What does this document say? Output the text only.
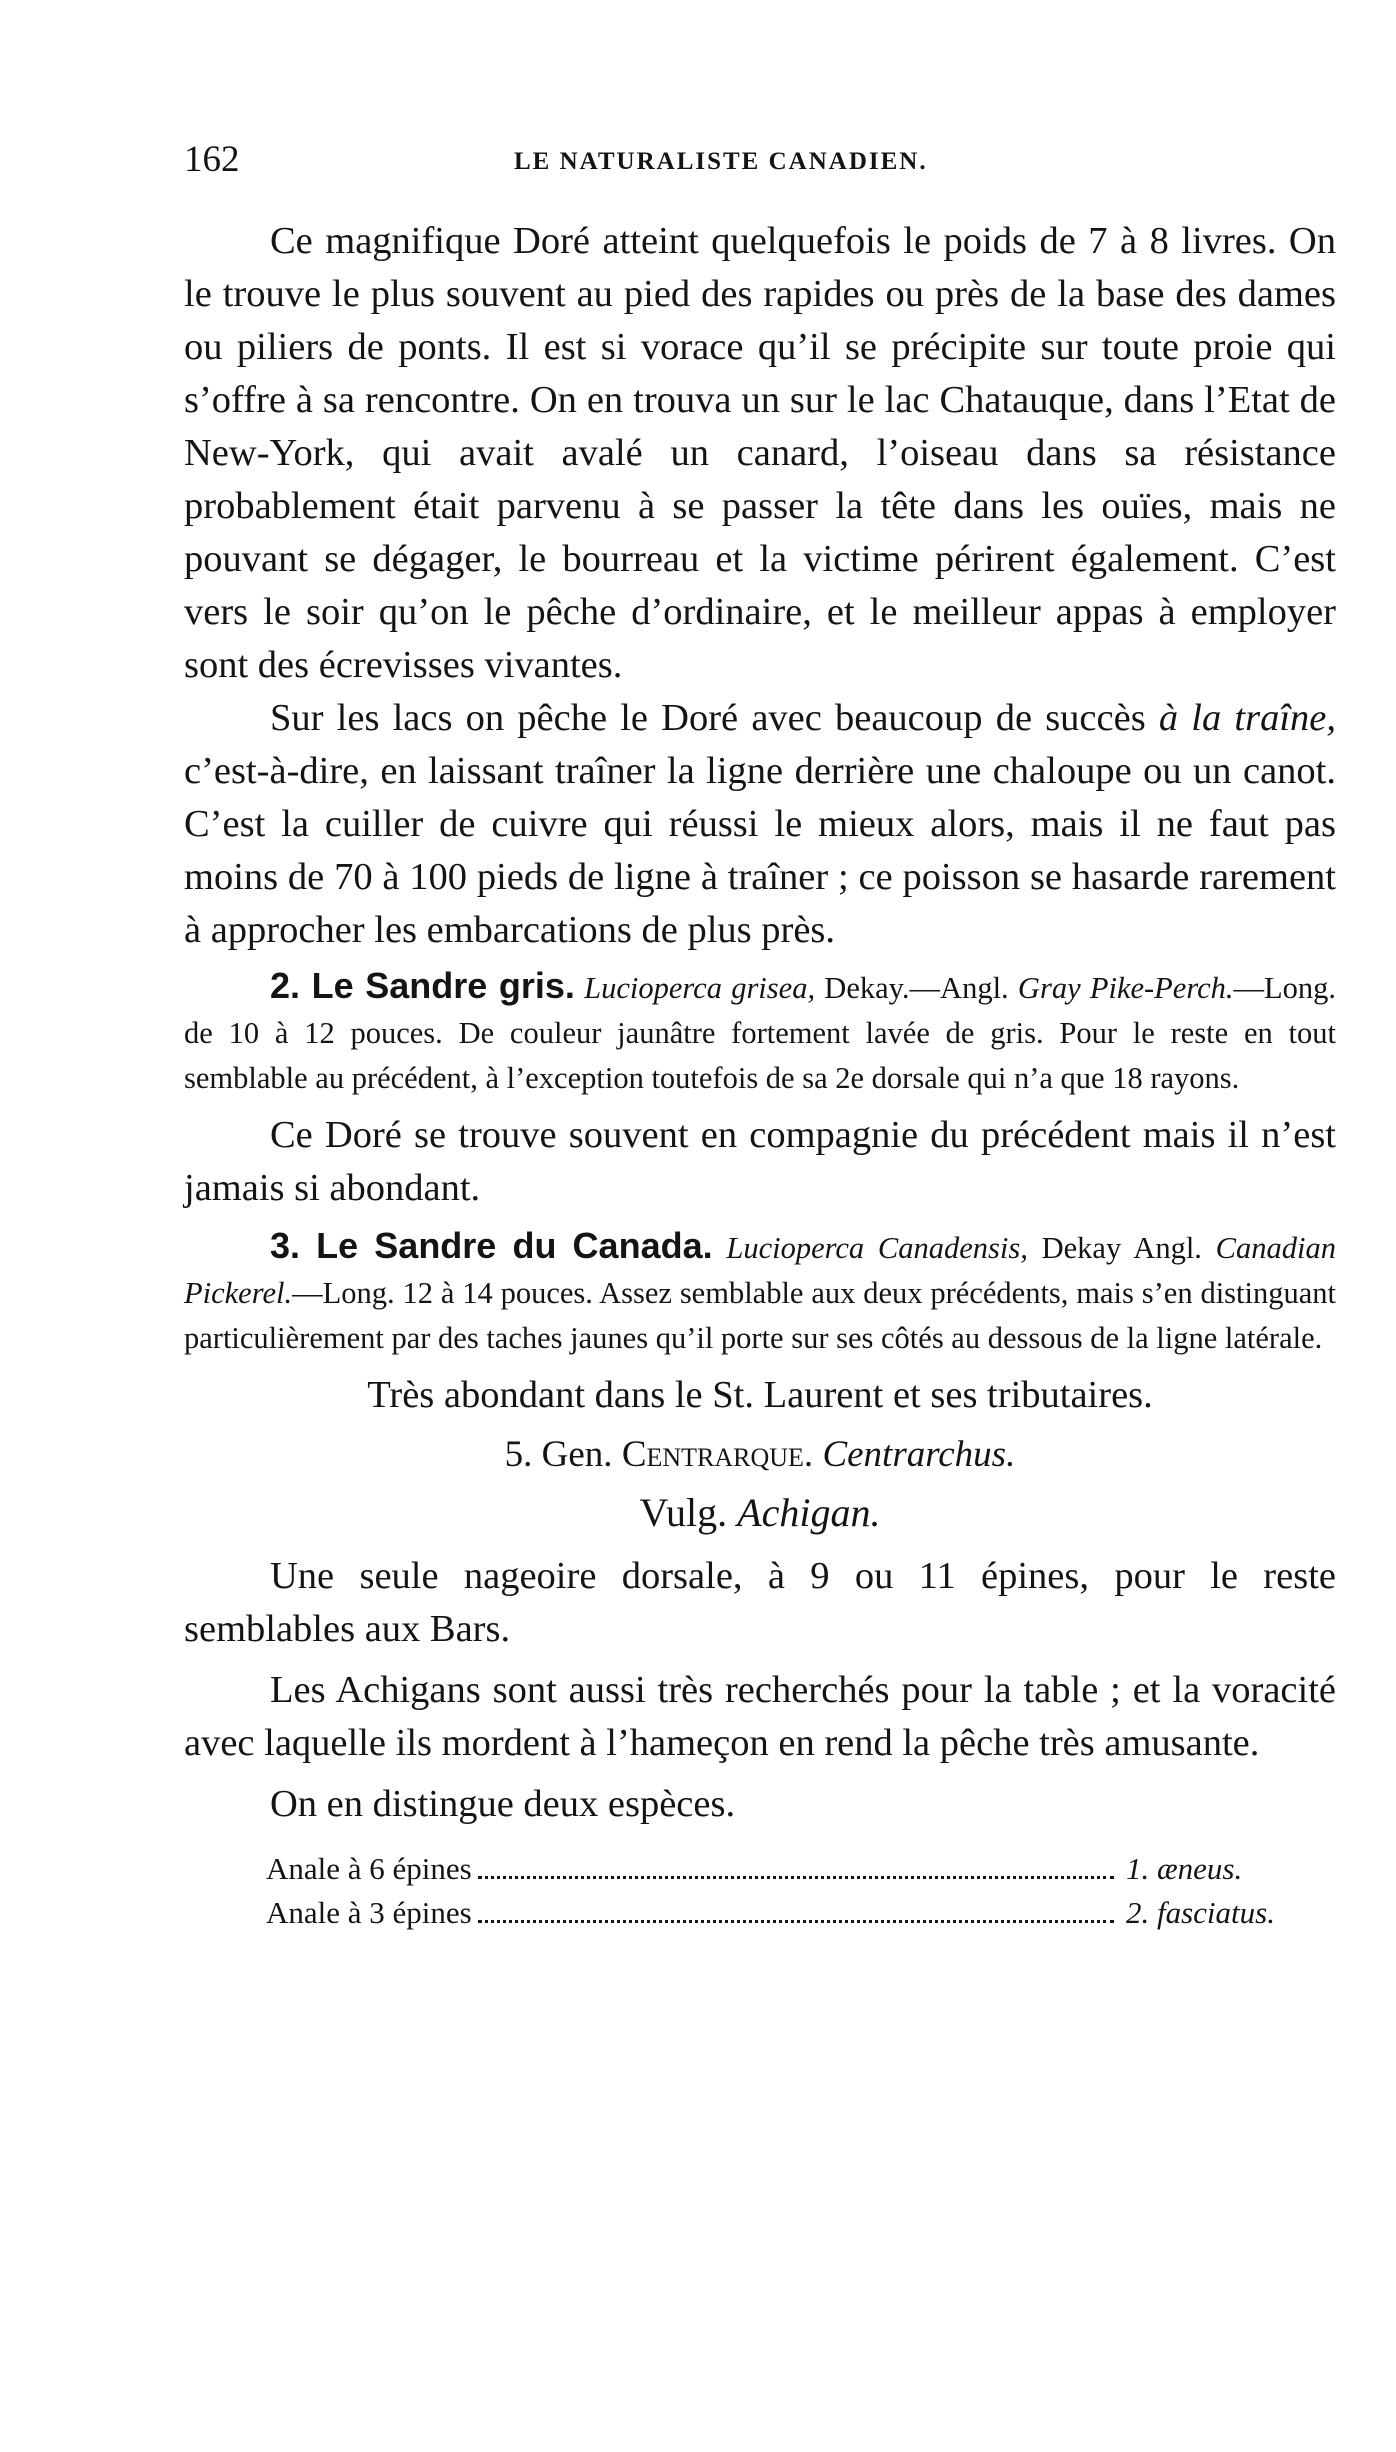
162	LE NATURALISTE CANADIEN.

Ce magnifique Doré atteint quelquefois le poids de 7 à 8 livres. On le trouve le plus souvent au pied des rapides ou près de la base des dames ou piliers de ponts. Il est si vorace qu’il se précipite sur toute proie qui s’offre à sa rencontre. On en trouva un sur le lac Chatauque, dans l’Etat de New-York, qui avait avalé un canard, l’oiseau dans sa résistance probablement était parvenu à se passer la tête dans les ouïes, mais ne pouvant se dégager, le bourreau et la victime périrent également. C’est vers le soir qu’on le pêche d’ordinaire, et le meilleur appas à employer sont des écrevisses vivantes.

Sur les lacs on pêche le Doré avec beaucoup de succès à la traîne, c’est-à-dire, en laissant traîner la ligne derrière une chaloupe ou un canot. C’est la cuiller de cuivre qui réussi le mieux alors, mais il ne faut pas moins de 70 à 100 pieds de ligne à traîner ; ce poisson se hasarde rarement à approcher les embarcations de plus près.

2. Le Sandre gris. Lucioperca grisea, Dekay.—Angl. Gray Pike-Perch.—Long. de 10 à 12 pouces. De couleur jaunâtre fortement lavée de gris. Pour le reste en tout semblable au précédent, à l’exception toutefois de sa 2e dorsale qui n’a que 18 rayons.

Ce Doré se trouve souvent en compagnie du précédent mais il n’est jamais si abondant.

3. Le Sandre du Canada. Lucioperca Canadensis, Dekay Angl. Canadian Pickerel.—Long. 12 à 14 pouces. Assez semblable aux deux précédents, mais s’en distinguant particulièrement par des taches jaunes qu’il porte sur ses côtés au dessous de la ligne latérale.

Très abondant dans le St. Laurent et ses tributaires.

5. Gen. Centrarque. Centrarchus.

Vulg. Achigan.

Une seule nageoire dorsale, à 9 ou 11 épines, pour le reste semblables aux Bars.

Les Achigans sont aussi très recherchés pour la table ; et la voracité avec laquelle ils mordent à l’hameçon en rend la pêche très amusante.

On en distingue deux espèces.

Anale à 6 épines	1. æneus.
Anale à 3 épines	2. fasciatus.
